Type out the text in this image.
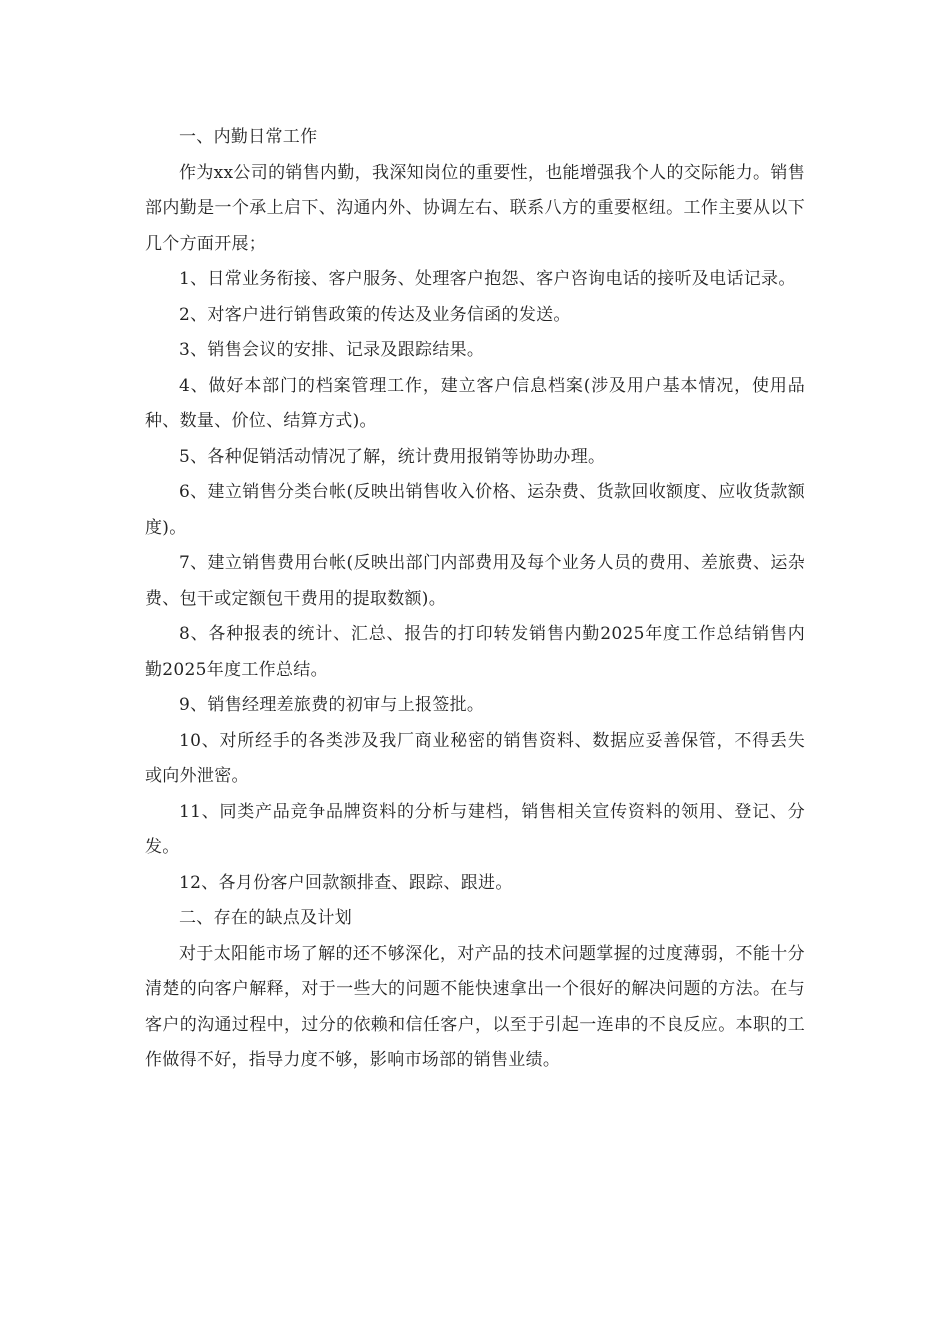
一、内勤日常工作

作为xx公司的销售内勤，我深知岗位的重要性，也能增强我个人的交际能力。销售部内勤是一个承上启下、沟通内外、协调左右、联系八方的重要枢纽。工作主要从以下几个方面开展；

1、日常业务衔接、客户服务、处理客户抱怨、客户咨询电话的接听及电话记录。

2、对客户进行销售政策的传达及业务信函的发送。

3、销售会议的安排、记录及跟踪结果。

4、做好本部门的档案管理工作，建立客户信息档案(涉及用户基本情况，使用品种、数量、价位、结算方式)。

5、各种促销活动情况了解，统计费用报销等协助办理。

6、建立销售分类台帐(反映出销售收入价格、运杂费、货款回收额度、应收货款额度)。

7、建立销售费用台帐(反映出部门内部费用及每个业务人员的费用、差旅费、运杂费、包干或定额包干费用的提取数额)。

8、各种报表的统计、汇总、报告的打印转发销售内勤2025年度工作总结销售内勤2025年度工作总结。

9、销售经理差旅费的初审与上报签批。

10、对所经手的各类涉及我厂商业秘密的销售资料、数据应妥善保管，不得丢失或向外泄密。

11、同类产品竞争品牌资料的分析与建档，销售相关宣传资料的领用、登记、分发。

12、各月份客户回款额排查、跟踪、跟进。

二、存在的缺点及计划

对于太阳能市场了解的还不够深化，对产品的技术问题掌握的过度薄弱，不能十分清楚的向客户解释，对于一些大的问题不能快速拿出一个很好的解决问题的方法。在与客户的沟通过程中，过分的依赖和信任客户，以至于引起一连串的不良反应。本职的工作做得不好，指导力度不够，影响市场部的销售业绩。
